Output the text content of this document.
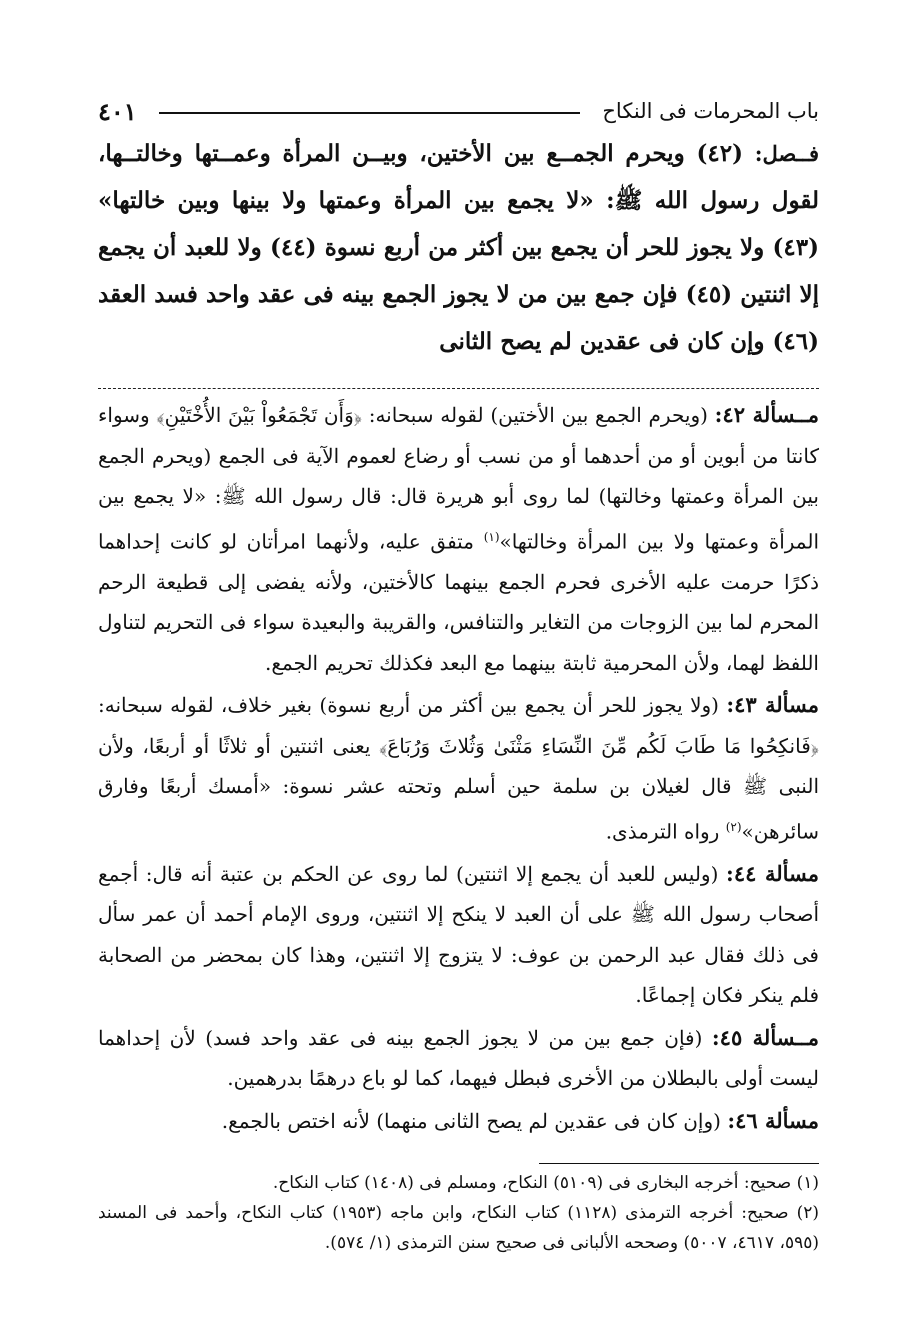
باب المحرمات فى النكاح
٤٠١

فــصل: (٤٢) ويحرم الجمــع بين الأختين، وبيــن المرأة وعمــتها وخالتــها، لقول رسول الله ﷺ: «لا يجمع بين المرأة وعمتها ولا بينها وبين خالتها» (٤٣) ولا يجوز للحر أن يجمع بين أكثر من أربع نسوة (٤٤) ولا للعبد أن يجمع إلا اثنتين (٤٥) فإن جمع بين من لا يجوز الجمع بينه فى عقد واحد فسد العقد (٤٦) وإن كان فى عقدين لم يصح الثانى

مــسألة ٤٢: (ويحرم الجمع بين الأختين) لقوله سبحانه: ﴿وَأَن تَجْمَعُواْ بَيْنَ الأُخْتَيْنِ﴾ وسواء كانتا من أبوين أو من أحدهما أو من نسب أو رضاع لعموم الآية فى الجمع (ويحرم الجمع بين المرأة وعمتها وخالتها) لما روى أبو هريرة قال: قال رسول الله ﷺ: «لا يجمع بين المرأة وعمتها ولا بين المرأة وخالتها»$^{(١)}$ متفق عليه، ولأنهما امرأتان لو كانت إحداهما ذكرًا حرمت عليه الأخرى فحرم الجمع بينهما كالأختين، ولأنه يفضى إلى قطيعة الرحم المحرم لما بين الزوجات من التغاير والتنافس، والقريبة والبعيدة سواء فى التحريم لتناول اللفظ لهما، ولأن المحرمية ثابتة بينهما مع البعد فكذلك تحريم الجمع.

مسألة ٤٣: (ولا يجوز للحر أن يجمع بين أكثر من أربع نسوة) بغير خلاف، لقوله سبحانه: ﴿فَانكِحُوا مَا طَابَ لَكُم مِّنَ النِّسَاءِ مَثْنَىٰ وَثُلاثَ وَرُبَاعَ﴾ يعنى اثنتين أو ثلاثًا أو أربعًا، ولأن النبى ﷺ قال لغيلان بن سلمة حين أسلم وتحته عشر نسوة: «أمسك أربعًا وفارق سائرهن»$^{(٢)}$ رواه الترمذى.

مسألة ٤٤: (وليس للعبد أن يجمع إلا اثنتين) لما روى عن الحكم بن عتبة أنه قال: أجمع أصحاب رسول الله ﷺ على أن العبد لا ينكح إلا اثنتين، وروى الإمام أحمد أن عمر سأل فى ذلك فقال عبد الرحمن بن عوف: لا يتزوج إلا اثنتين، وهذا كان بمحضر من الصحابة فلم ينكر فكان إجماعًا.

مــسألة ٤٥: (فإن جمع بين من لا يجوز الجمع بينه فى عقد واحد فسد) لأن إحداهما ليست أولى بالبطلان من الأخرى فبطل فيهما، كما لو باع درهمًا بدرهمين.

مسألة ٤٦: (وإن كان فى عقدين لم يصح الثانى منهما) لأنه اختص بالجمع.

(١) صحيح: أخرجه البخارى فى (٥١٠٩) النكاح، ومسلم فى (١٤٠٨) كتاب النكاح.

(٢) صحيح: أخرجه الترمذى (١١٢٨) كتاب النكاح، وابن ماجه (١٩٥٣) كتاب النكاح، وأحمد فى المسند (٥٩٥، ٤٦١٧، ٥٠٠٧) وصححه الألبانى فى صحيح سنن الترمذى (١/ ٥٧٤).
